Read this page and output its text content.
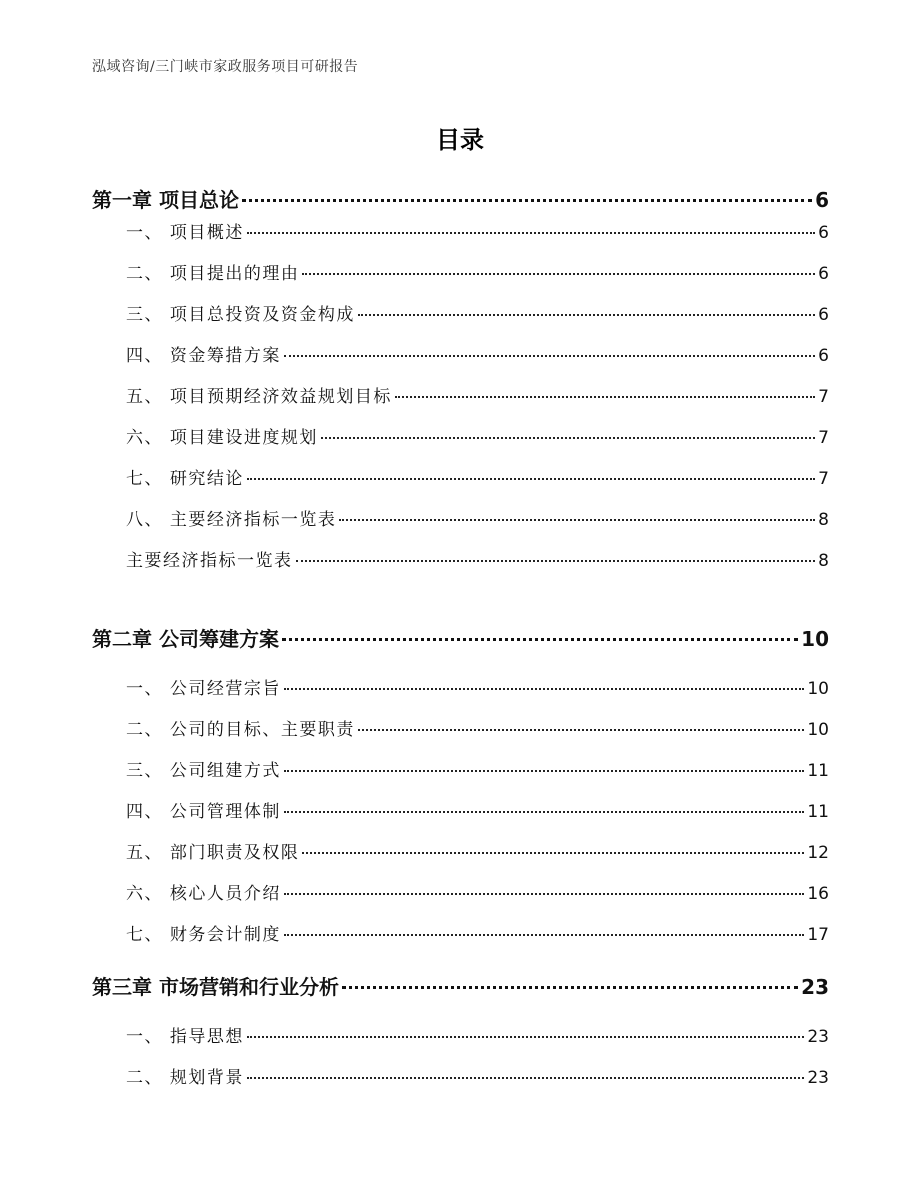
泓域咨询/三门峡市家政服务项目可研报告
目录
第一章 项目总论	6
一、 项目概述	6
二、 项目提出的理由	6
三、 项目总投资及资金构成	6
四、 资金筹措方案	6
五、 项目预期经济效益规划目标	7
六、 项目建设进度规划	7
七、 研究结论	7
八、 主要经济指标一览表	8
主要经济指标一览表	8
第二章 公司筹建方案	10
一、 公司经营宗旨	10
二、 公司的目标、主要职责	10
三、 公司组建方式	11
四、 公司管理体制	11
五、 部门职责及权限	12
六、 核心人员介绍	16
七、 财务会计制度	17
第三章 市场营销和行业分析	23
一、 指导思想	23
二、 规划背景	23
